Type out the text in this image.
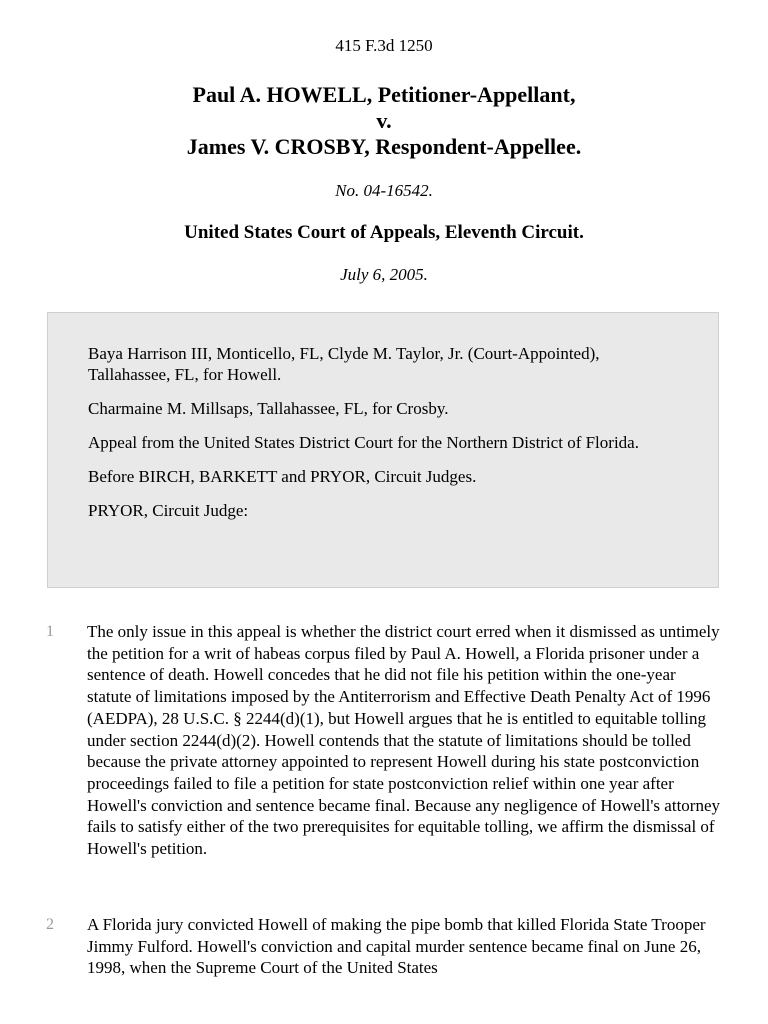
415 F.3d 1250
Paul A. HOWELL, Petitioner-Appellant,
v.
James V. CROSBY, Respondent-Appellee.
No. 04-16542.
United States Court of Appeals, Eleventh Circuit.
July 6, 2005.

Baya Harrison III, Monticello, FL, Clyde M. Taylor, Jr. (Court-Appointed), Tallahassee, FL, for Howell.

Charmaine M. Millsaps, Tallahassee, FL, for Crosby.

Appeal from the United States District Court for the Northern District of Florida.

Before BIRCH, BARKETT and PRYOR, Circuit Judges.

PRYOR, Circuit Judge:

1 The only issue in this appeal is whether the district court erred when it dismissed as untimely the petition for a writ of habeas corpus filed by Paul A. Howell, a Florida prisoner under a sentence of death. Howell concedes that he did not file his petition within the one-year statute of limitations imposed by the Antiterrorism and Effective Death Penalty Act of 1996 (AEDPA), 28 U.S.C. § 2244(d)(1), but Howell argues that he is entitled to equitable tolling under section 2244(d)(2). Howell contends that the statute of limitations should be tolled because the private attorney appointed to represent Howell during his state postconviction proceedings failed to file a petition for state postconviction relief within one year after Howell's conviction and sentence became final. Because any negligence of Howell's attorney fails to satisfy either of the two prerequisites for equitable tolling, we affirm the dismissal of Howell's petition.
2 A Florida jury convicted Howell of making the pipe bomb that killed Florida State Trooper Jimmy Fulford. Howell's conviction and capital murder sentence became final on June 26, 1998, when the Supreme Court of the United States
